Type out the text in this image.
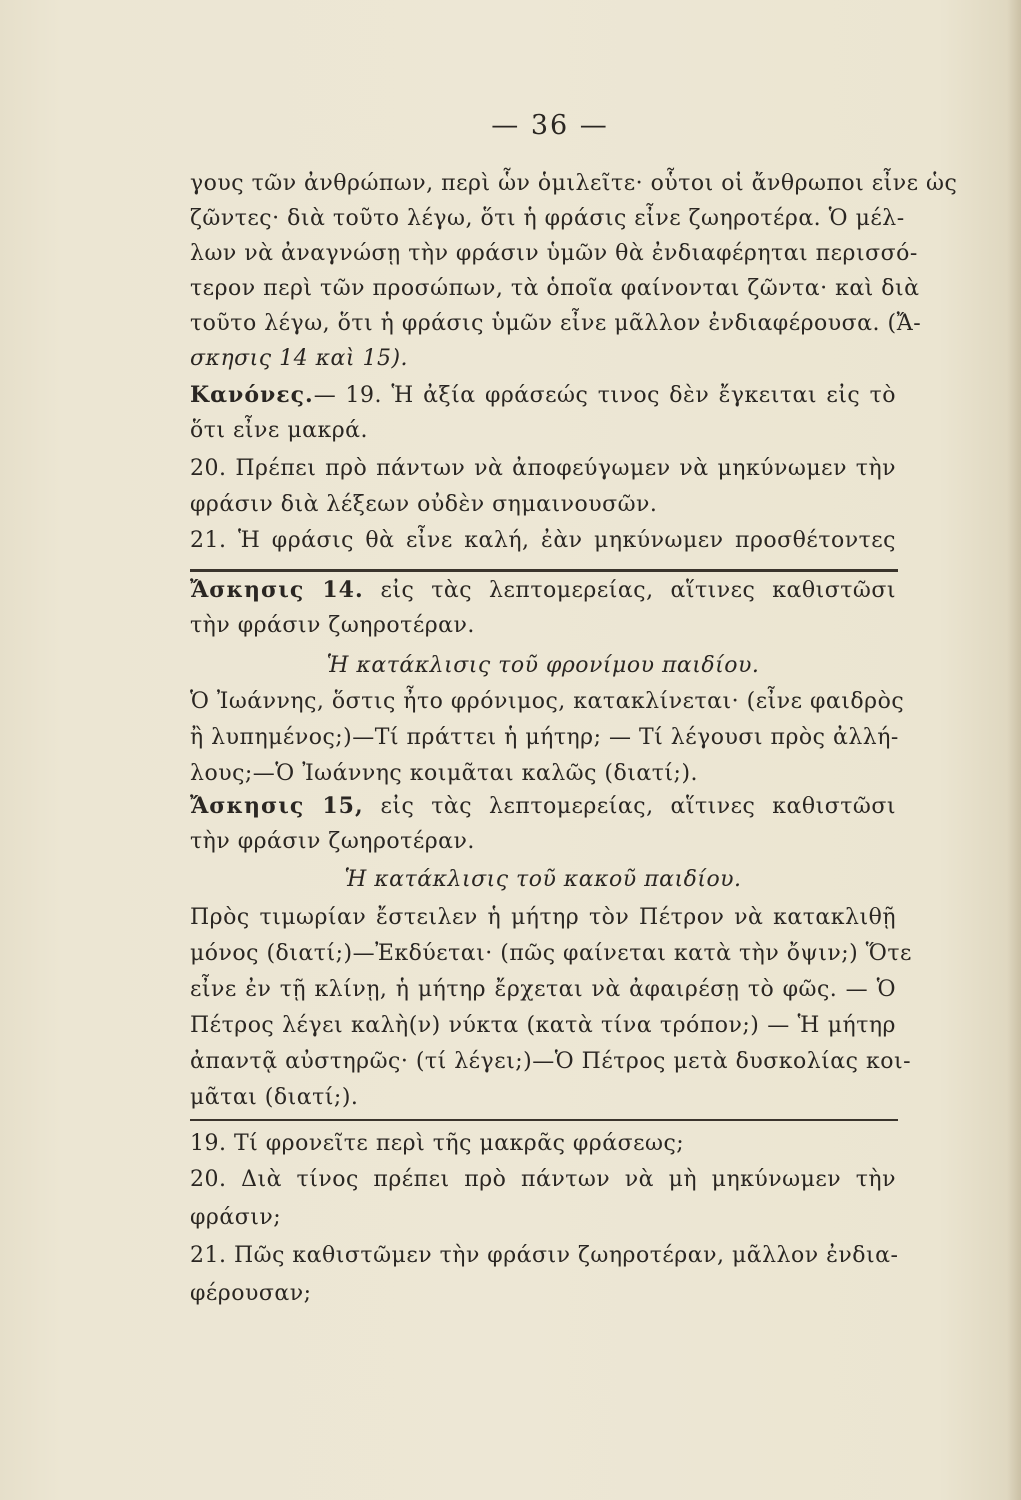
— 36 —
γους τῶν ἀνθρώπων, περὶ ὧν ὁμιλεῖτε· οὗτοι οἱ ἄνθρωποι εἶνε ὡς
ζῶντες· διὰ τοῦτο λέγω, ὅτι ἡ φράσις εἶνε ζωηροτέρα. Ὁ μέλ-
λων νὰ ἀναγνώσῃ τὴν φράσιν ὑμῶν θὰ ἐνδιαφέρηται περισσό-
τερον περὶ τῶν προσώπων, τὰ ὁποῖα φαίνονται ζῶντα· καὶ διὰ
τοῦτο λέγω, ὅτι ἡ φράσις ὑμῶν εἶνε μᾶλλον ἐνδιαφέρουσα. (Ἄ-
σκησις 14 καὶ 15).
Κανόνες.— 19. Ἡ ἀξία φράσεώς τινος δὲν ἔγκειται εἰς τὸ
ὅτι εἶνε μακρά.
20. Πρέπει πρὸ πάντων νὰ ἀποφεύγωμεν νὰ μηκύνωμεν τὴν
φράσιν διὰ λέξεων οὐδὲν σημαινουσῶν.
21. Ἡ φράσις θὰ εἶνε καλή, ἐὰν μηκύνωμεν προσθέτοντες
Ἄσκησις 14. εἰς τὰς λεπτομερείας, αἵτινες καθιστῶσι
τὴν φράσιν ζωηροτέραν.
Ἡ κατάκλισις τοῦ φρονίμου παιδίου.
Ὁ Ἰωάννης, ὅστις ἦτο φρόνιμος, κατακλίνεται· (εἶνε φαιδρὸς
ἢ λυπημένος;)—Τί πράττει ἡ μήτηρ; — Τί λέγουσι πρὸς ἀλλή-
λους;—Ὁ Ἰωάννης κοιμᾶται καλῶς (διατί;).
Ἄσκησις 15, εἰς τὰς λεπτομερείας, αἵτινες καθιστῶσι
τὴν φράσιν ζωηροτέραν.
Ἡ κατάκλισις τοῦ κακοῦ παιδίου.
Πρὸς τιμωρίαν ἔστειλεν ἡ μήτηρ τὸν Πέτρον νὰ κατακλιθῇ
μόνος (διατί;)—Ἐκδύεται· (πῶς φαίνεται κατὰ τὴν ὄψιν;) Ὅτε
εἶνε ἐν τῇ κλίνῃ, ἡ μήτηρ ἔρχεται νὰ ἀφαιρέσῃ τὸ φῶς. — Ὁ
Πέτρος λέγει καλὴ(ν) νύκτα (κατὰ τίνα τρόπον;) — Ἡ μήτηρ
ἀπαντᾷ αὐστηρῶς· (τί λέγει;)—Ὁ Πέτρος μετὰ δυσκολίας κοι-
μᾶται (διατί;).
19. Τί φρονεῖτε περὶ τῆς μακρᾶς φράσεως;
20. Διὰ τίνος πρέπει πρὸ πάντων νὰ μὴ μηκύνωμεν τὴν
φράσιν;
21. Πῶς καθιστῶμεν τὴν φράσιν ζωηροτέραν, μᾶλλον ἐνδια-
φέρουσαν;
